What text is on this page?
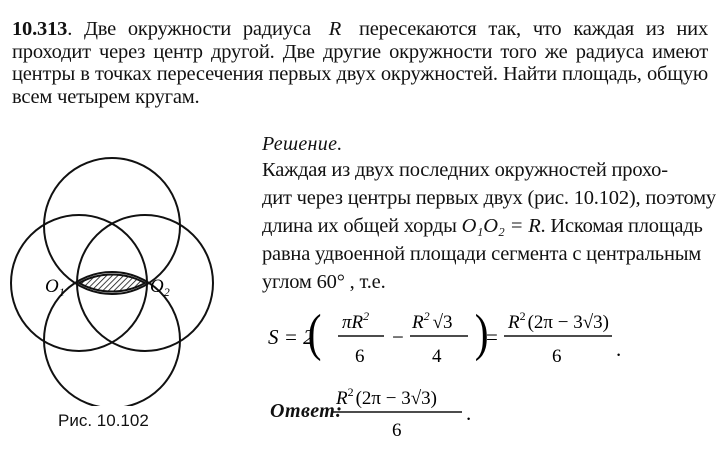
10.313. Две окружности радиуса R пересекаются так, что каждая из них проходит через центр другой. Две другие окружности того же радиуса имеют центры в точках пересечения первых двух окружностей. Найти площадь, общую всем четырем кругам.

Решение.
Каждая из двух последних окружностей прохо-
дит через центры первых двух (рис. 10.102), поэтому
длина их общей хорды O₁O₂ = R. Искомая площадь
равна удвоенной площади сегмента с центральным
углом 60° , т.е.
$O_1$	$O_2$
Рис. 10.102
S = 2
( $\pi R^2$
6
−
$R^2$ √3
4 )
=
$R^2$ (2π − 3√3)
6	.
Ответ:
$R^2$ (2π − 3√3)
6
.
